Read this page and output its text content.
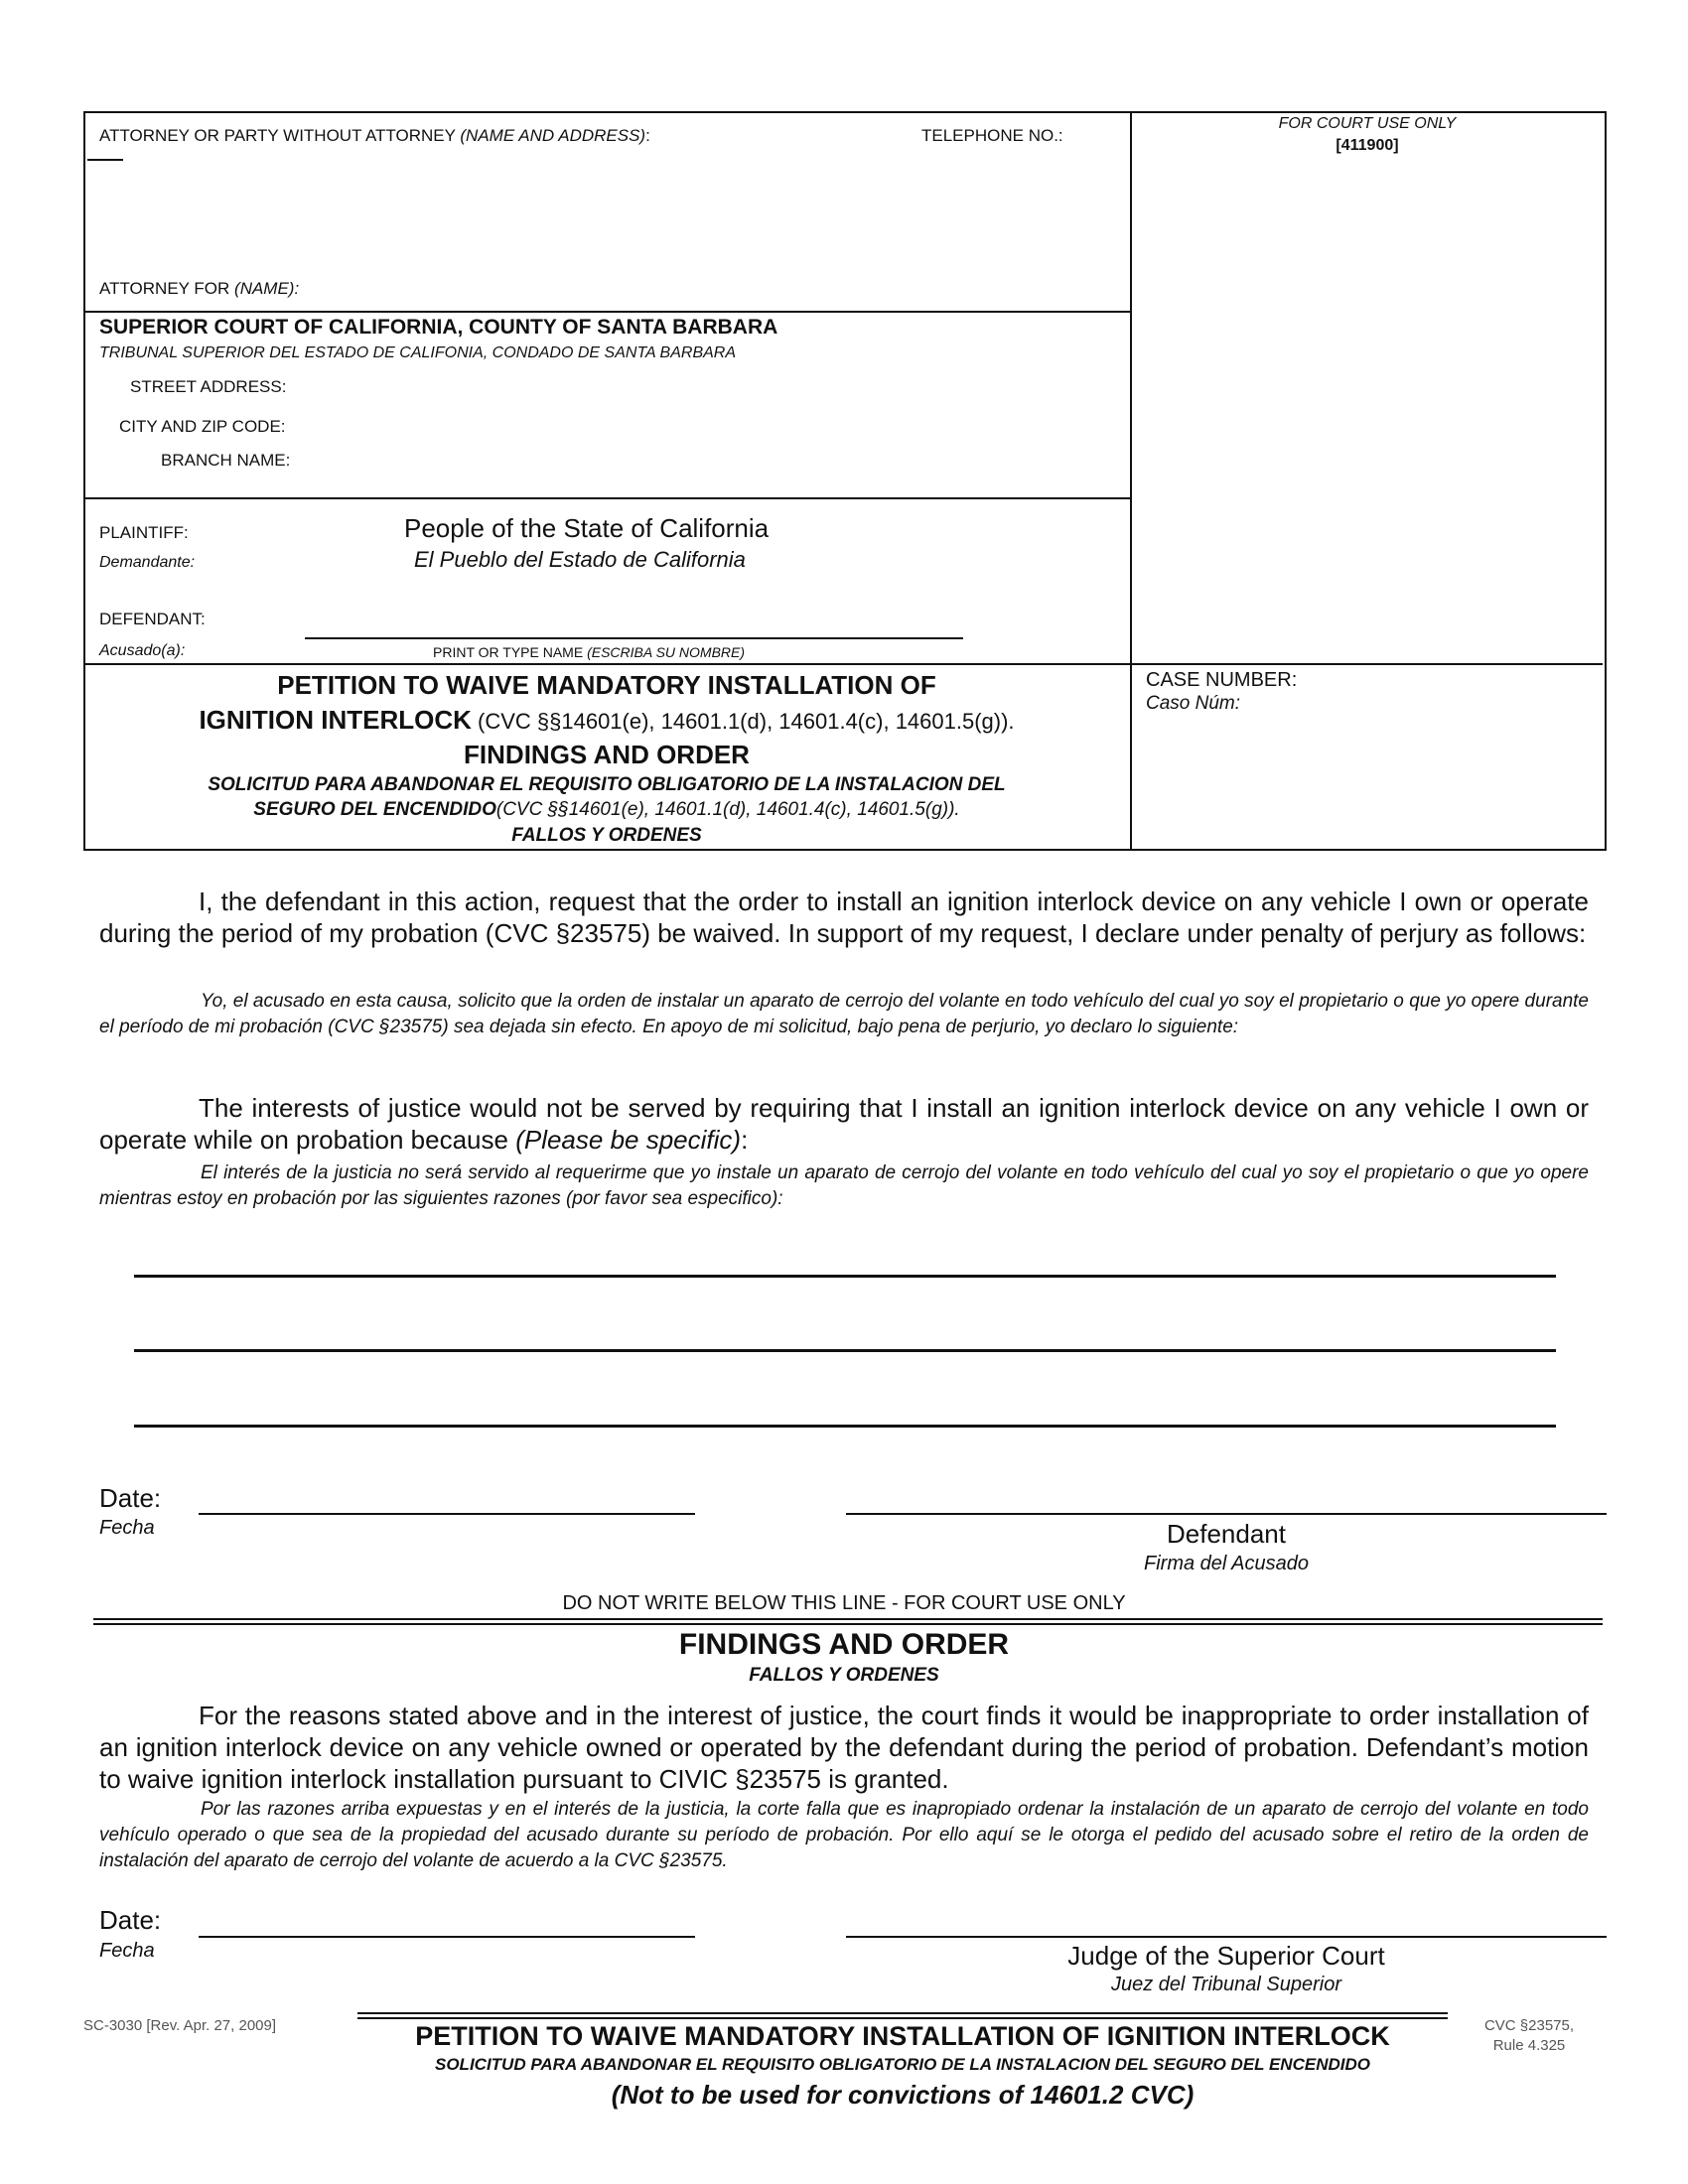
ATTORNEY OR PARTY WITHOUT ATTORNEY (NAME AND ADDRESS):	TELEPHONE NO.:
ATTORNEY FOR (NAME):
FOR COURT USE ONLY
[411900]
SUPERIOR COURT OF CALIFORNIA, COUNTY OF SANTA BARBARA
TRIBUNAL SUPERIOR DEL ESTADO DE CALIFONIA, CONDADO DE SANTA BARBARA
STREET ADDRESS:
CITY AND ZIP CODE:
BRANCH NAME:
PLAINTIFF:
Demandante:
People of the State of California
El Pueblo del Estado de California
DEFENDANT:
Acusado(a):	PRINT OR TYPE NAME (ESCRIBA SU NOMBRE)
PETITION TO WAIVE MANDATORY INSTALLATION OF
IGNITION INTERLOCK (CVC §§14601(e), 14601.1(d), 14601.4(c), 14601.5(g)).
FINDINGS AND ORDER
SOLICITUD PARA ABANDONAR EL REQUISITO OBLIGATORIO DE LA INSTALACION DEL
SEGURO DEL ENCENDIDO(CVC §§14601(e), 14601.1(d), 14601.4(c), 14601.5(g)).
FALLOS Y ORDENES
CASE NUMBER:
Caso Núm:
I, the defendant in this action, request that the order to install an ignition interlock device on any vehicle I own or operate during the period of my probation (CVC §23575) be waived. In support of my request, I declare under penalty of perjury as follows:
Yo, el acusado en esta causa, solicito que la orden de instalar un aparato de cerrojo del volante en todo vehículo del cual yo soy el propietario o que yo opere durante el período de mi probación (CVC §23575) sea dejada sin efecto. En apoyo de mi solicitud, bajo pena de perjurio, yo declaro lo siguiente:
The interests of justice would not be served by requiring that I install an ignition interlock device on any vehicle I own or operate while on probation because (Please be specific):
El interés de la justicia no será servido al requerirme que yo instale un aparato de cerrojo del volante en todo vehículo del cual yo soy el propietario o que yo opere mientras estoy en probación por las siguientes razones (por favor sea especifico):
Date:
Fecha	Defendant
Firma del Acusado
DO NOT WRITE BELOW THIS LINE - FOR COURT USE ONLY
FINDINGS AND ORDER
FALLOS Y ORDENES
For the reasons stated above and in the interest of justice, the court finds it would be inappropriate to order installation of an ignition interlock device on any vehicle owned or operated by the defendant during the period of probation. Defendant’s motion to waive ignition interlock installation pursuant to CIVIC §23575 is granted.
Por las razones arriba expuestas y en el interés de la justicia, la corte falla que es inapropiado ordenar la instalación de un aparato de cerrojo del volante en todo vehículo operado o que sea de la propiedad del acusado durante su período de probación. Por ello aquí se le otorga el pedido del acusado sobre el retiro de la orden de instalación del aparato de cerrojo del volante de acuerdo a la CVC §23575.
Date:
Fecha	Judge of the Superior Court
Juez del Tribunal Superior
SC-3030 [Rev. Apr. 27, 2009]	PETITION TO WAIVE MANDATORY INSTALLATION OF IGNITION INTERLOCK
SOLICITUD PARA ABANDONAR EL REQUISITO OBLIGATORIO DE LA INSTALACION DEL SEGURO DEL ENCENDIDO
(Not to be used for convictions of 14601.2 CVC)
CVC §23575,
Rule 4.325
